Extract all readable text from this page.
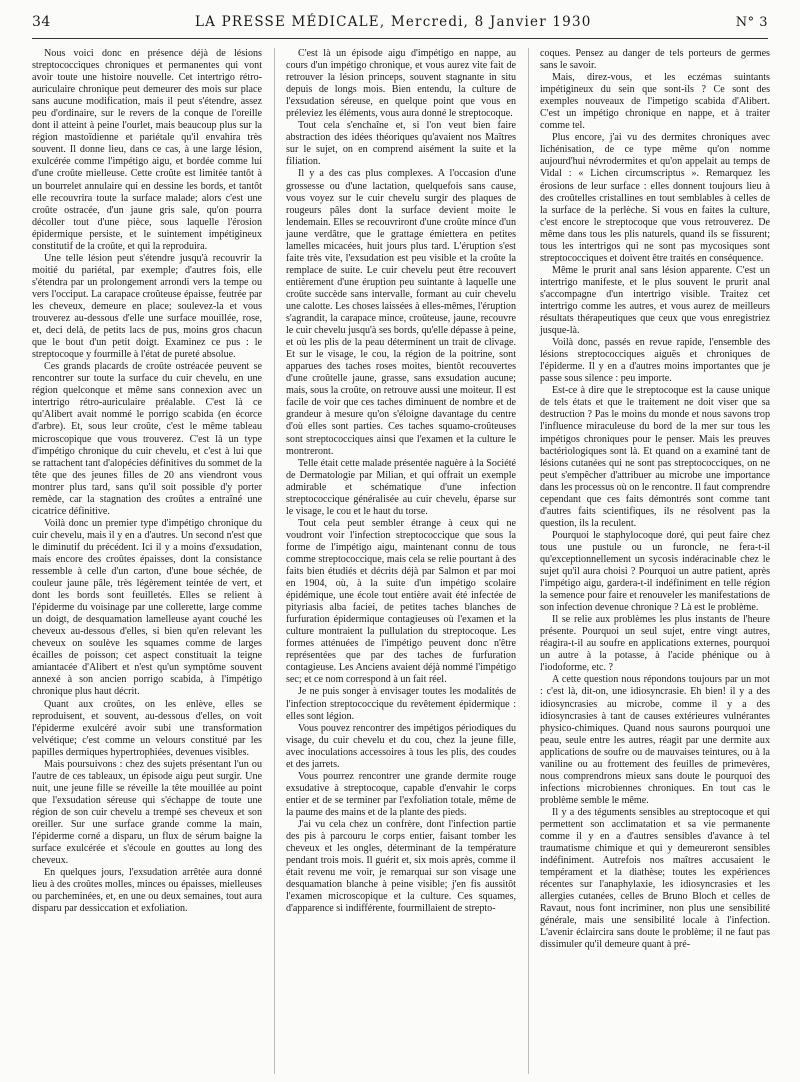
34	LA PRESSE MÉDICALE, Mercredi, 8 Janvier 1930	N° 3

Nous voici donc en présence déjà de lésions streptococciques chroniques et permanentes qui vont avoir toute une histoire nouvelle. Cet intertrigo rétro-auriculaire chronique peut demeurer des mois sur place sans aucune modification, mais il peut s'étendre, assez peu d'ordinaire, sur le revers de la conque de l'oreille dont il atteint à peine l'ourlet, mais beaucoup plus sur la région mastoïdienne et pariétale qu'il envahira très souvent. Il donne lieu, dans ce cas, à une large lésion, exulcérée comme l'impétigo aigu, et bordée comme lui d'une croûte mielleuse. Cette croûte est limitée tantôt à un bourrelet annulaire qui en dessine les bords, et tantôt elle recouvrira toute la surface malade; alors c'est une croûte ostracée, d'un jaune gris sale, qu'on pourra décoller tout d'une pièce, sous laquelle l'érosion épidermique persiste, et le suintement impétigineux constitutif de la croûte, et qui la reproduira.

Une telle lésion peut s'étendre jusqu'à recouvrir la moitié du pariétal, par exemple; d'autres fois, elle s'étendra par un prolongement arrondi vers la tempe ou vers l'occiput. La carapace croûteuse épaisse, feutrée par les cheveux, demeure en place; soulevez-la et vous trouverez au-dessous d'elle une surface mouillée, rose, et, deci delà, de petits lacs de pus, moins gros chacun que le bout d'un petit doigt. Examinez ce pus : le streptocoque y fourmille à l'état de pureté absolue.

Ces grands placards de croûte ostréacée peuvent se rencontrer sur toute la surface du cuir chevelu, en une région quelconque et même sans connexion avec un intertrigo rétro-auriculaire préalable. C'est là ce qu'Alibert avait nommé le porrigo scabida (en écorce d'arbre). Et, sous leur croûte, c'est le même tableau microscopique que vous trouverez. C'est là un type d'impétigo chronique du cuir chevelu, et c'est à lui que se rattachent tant d'alopécies définitives du sommet de la tête que des jeunes filles de 20 ans viendront vous montrer plus tard, sans qu'il soit possible d'y porter remède, car la stagnation des croûtes a entraîné une cicatrice définitive.

Voilà donc un premier type d'impétigo chronique du cuir chevelu, mais il y en a d'autres. Un second n'est que le diminutif du précédent. Ici il y a moins d'exsudation, mais encore des croûtes épaisses, dont la consistance ressemble à celle d'un carton, d'une boue séchée, de couleur jaune pâle, très légèrement teintée de vert, et dont les bords sont feuilletés. Elles se relient à l'épiderme du voisinage par une collerette, large comme un doigt, de desquamation lamelleuse ayant couché les cheveux au-dessous d'elles, si bien qu'en relevant les cheveux on soulève les squames comme de larges écailles de poisson; cet aspect constituait la teigne amiantacée d'Alibert et n'est qu'un symptôme souvent annexé à son ancien porrigo scabida, à l'impétigo chronique plus haut décrit.

Quant aux croûtes, on les enlève, elles se reproduisent, et souvent, au-dessous d'elles, on voit l'épiderme exulcéré avoir subi une transformation velvétique; c'est comme un velours constitué par les papilles dermiques hypertrophiées, devenues visibles.

Mais poursuivons : chez des sujets présentant l'un ou l'autre de ces tableaux, un épisode aigu peut surgir. Une nuit, une jeune fille se réveille la tête mouillée au point que l'exsudation séreuse qui s'échappe de toute une région de son cuir chevelu a trempé ses cheveux et son oreiller. Sur une surface grande comme la main, l'épiderme corné a disparu, un flux de sérum baigne la surface exulcérée et s'écoule en gouttes au long des cheveux.

En quelques jours, l'exsudation arrêtée aura donné lieu à des croûtes molles, minces ou épaisses, mielleuses ou parcheminées, et, en une ou deux semaines, tout aura disparu par dessiccation et exfoliation.

C'est là un épisode aigu d'impétigo en nappe, au cours d'un impétigo chronique, et vous aurez vite fait de retrouver la lésion princeps, souvent stagnante in situ depuis de longs mois. Bien entendu, la culture de l'exsudation séreuse, en quelque point que vous en préleviez les éléments, vous aura donné le streptocoque.

Tout cela s'enchaîne et, si l'on veut bien faire abstraction des idées théoriques qu'avaient nos Maîtres sur le sujet, on en comprend aisément la suite et la filiation.

Il y a des cas plus complexes. A l'occasion d'une grossesse ou d'une lactation, quelquefois sans cause, vous voyez sur le cuir chevelu surgir des plaques de rougeurs pâles dont la surface devient moite le lendemain. Elles se recouvriront d'une croûte mince d'un jaune verdâtre, que le grattage émiettera en petites lamelles micacées, huit jours plus tard. L'éruption s'est faite très vite, l'exsudation est peu visible et la croûte la remplace de suite. Le cuir chevelu peut être recouvert entièrement d'une éruption peu suintante à laquelle une croûte succède sans intervalle, formant au cuir chevelu une calotte. Les choses laissées à elles-mêmes, l'éruption s'agrandit, la carapace mince, croûteuse, jaune, recouvre le cuir chevelu jusqu'à ses bords, qu'elle dépasse à peine, et où les plis de la peau déterminent un trait de clivage. Et sur le visage, le cou, la région de la poitrine, sont apparues des taches roses moites, bientôt recouvertes d'une croûtelle jaune, grasse, sans exsudation aucune; mais, sous la croûte, on retrouve aussi une moiteur. Il est facile de voir que ces taches diminuent de nombre et de grandeur à mesure qu'on s'éloigne davantage du centre d'où elles sont parties. Ces taches squamo-croûteuses sont streptococciques ainsi que l'examen et la culture le montreront.

Telle était cette malade présentée naguère à la Société de Dermatologie par Milian, et qui offrait un exemple admirable et schématique d'une infection streptococcique généralisée au cuir chevelu, éparse sur le visage, le cou et le haut du torse.

Tout cela peut sembler étrange à ceux qui ne voudront voir l'infection streptococcique que sous la forme de l'impétigo aigu, maintenant connu de tous comme streptococcique, mais cela se relie pourtant à des faits bien étudiés et décrits déjà par Salmon et par moi en 1904, où, à la suite d'un impétigo scolaire épidémique, une école tout entière avait été infectée de pityriasis alba faciei, de petites taches blanches de furfuration épidermique contagieuses où l'examen et la culture montraient la pullulation du streptocoque. Les formes atténuées de l'impétigo peuvent donc n'être représentées que par des taches de furfuration contagieuse. Les Anciens avaient déjà nommé l'impétigo sec; et ce nom correspond à un fait réel.

Je ne puis songer à envisager toutes les modalités de l'infection streptococcique du revêtement épidermique : elles sont légion.

Vous pouvez rencontrer des impétigos périodiques du visage, du cuir chevelu et du cou, chez la jeune fille, avec inoculations accessoires à tous les plis, des coudes et des jarrets.

Vous pourrez rencontrer une grande dermite rouge exsudative à streptocoque, capable d'envahir le corps entier et de se terminer par l'exfoliation totale, même de la paume des mains et de la plante des pieds.

J'ai vu cela chez un confrère, dont l'infection partie des pis à parcouru le corps entier, faisant tomber les cheveux et les ongles, déterminant de la température pendant trois mois. Il guérit et, six mois après, comme il était revenu me voir, je remarquai sur son visage une desquamation blanche à peine visible; j'en fis aussitôt l'examen microscopique et la culture. Ces squames, d'apparence si indifférente, fourmillaient de strepto-

coques. Pensez au danger de tels porteurs de germes sans le savoir.

Mais, direz-vous, et les eczémas suintants impétigineux du sein que sont-ils ? Ce sont des exemples nouveaux de l'impetigo scabida d'Alibert. C'est un impétigo chronique en nappe, et à traiter comme tel.

Plus encore, j'ai vu des dermites chroniques avec lichénisation, de ce type même qu'on nomme aujourd'hui névrodermites et qu'on appelait au temps de Vidal : « Lichen circumscriptus ». Remarquez les érosions de leur surface : elles donnent toujours lieu à des croûtelles cristallines en tout semblables à celles de la surface de la perlèche. Si vous en faites la culture, c'est encore le streptocoque que vous retrouverez. De même dans tous les plis naturels, quand ils se fissurent; tous les intertrigos qui ne sont pas mycosiques sont streptococciques et doivent être traités en conséquence.

Même le prurit anal sans lésion apparente. C'est un intertrigo manifeste, et le plus souvent le prurit anal s'accompagne d'un intertrigo visible. Traitez cet intertrigo comme les autres, et vous aurez de meilleurs résultats thérapeutiques que ceux que vous enregistriez jusque-là.

Voilà donc, passés en revue rapide, l'ensemble des lésions streptococciques aiguës et chroniques de l'épiderme. Il y en a d'autres moins importantes que je passe sous silence : peu importe.

Est-ce à dire que le streptocoque est la cause unique de tels états et que le traitement ne doit viser que sa destruction ? Pas le moins du monde et nous savons trop l'influence miraculeuse du bord de la mer sur tous les impétigos chroniques pour le penser. Mais les preuves bactériologiques sont là. Et quand on a examiné tant de lésions cutanées qui ne sont pas streptococciques, on ne peut s'empêcher d'attribuer au microbe une importance dans les processus où on le rencontre. Il faut comprendre cependant que ces faits démontrés sont comme tant d'autres faits scientifiques, ils ne résolvent pas la question, ils la reculent.

Pourquoi le staphylocoque doré, qui peut faire chez tous une pustule ou un furoncle, ne fera-t-il qu'exceptionnellement un sycosis indéracinable chez le sujet qu'il aura choisi ? Pourquoi un autre patient, après l'impétigo aigu, gardera-t-il indéfiniment en telle région la semence pour faire et renouveler les manifestations de son infection devenue chronique ? Là est le problème.

Il se relie aux problèmes les plus instants de l'heure présente. Pourquoi un seul sujet, entre vingt autres, réagira-t-il au soufre en applications externes, pourquoi un autre à la potasse, à l'acide phénique ou à l'iodoforme, etc. ?

A cette question nous répondons toujours par un mot : c'est là, dit-on, une idiosyncrasie. Eh bien! il y a des idiosyncrasies au microbe, comme il y a des idiosyncrasies à tant de causes extérieures vulnérantes physico-chimiques. Quand nous saurons pourquoi une peau, seule entre les autres, réagit par une dermite aux applications de soufre ou de mauvaises teintures, ou à la vaniline ou au frottement des feuilles de primevères, nous comprendrons mieux sans doute le pourquoi des infections microbiennes chroniques. En tout cas le problème semble le même.

Il y a des téguments sensibles au streptocoque et qui permettent son acclimatation et sa vie permanente comme il y en a d'autres sensibles d'avance à tel traumatisme chimique et qui y demeureront sensibles indéfiniment. Autrefois nos maîtres accusaient le tempérament et la diathèse; toutes les expériences récentes sur l'anaphylaxie, les idiosyncrasies et les allergies cutanées, celles de Bruno Bloch et celles de Ravaut, nous font incriminer, non plus une sensibilité générale, mais une sensibilité locale à l'infection. L'avenir éclaircira sans doute le problème; il ne faut pas dissimuler qu'il demeure quant à pré-
